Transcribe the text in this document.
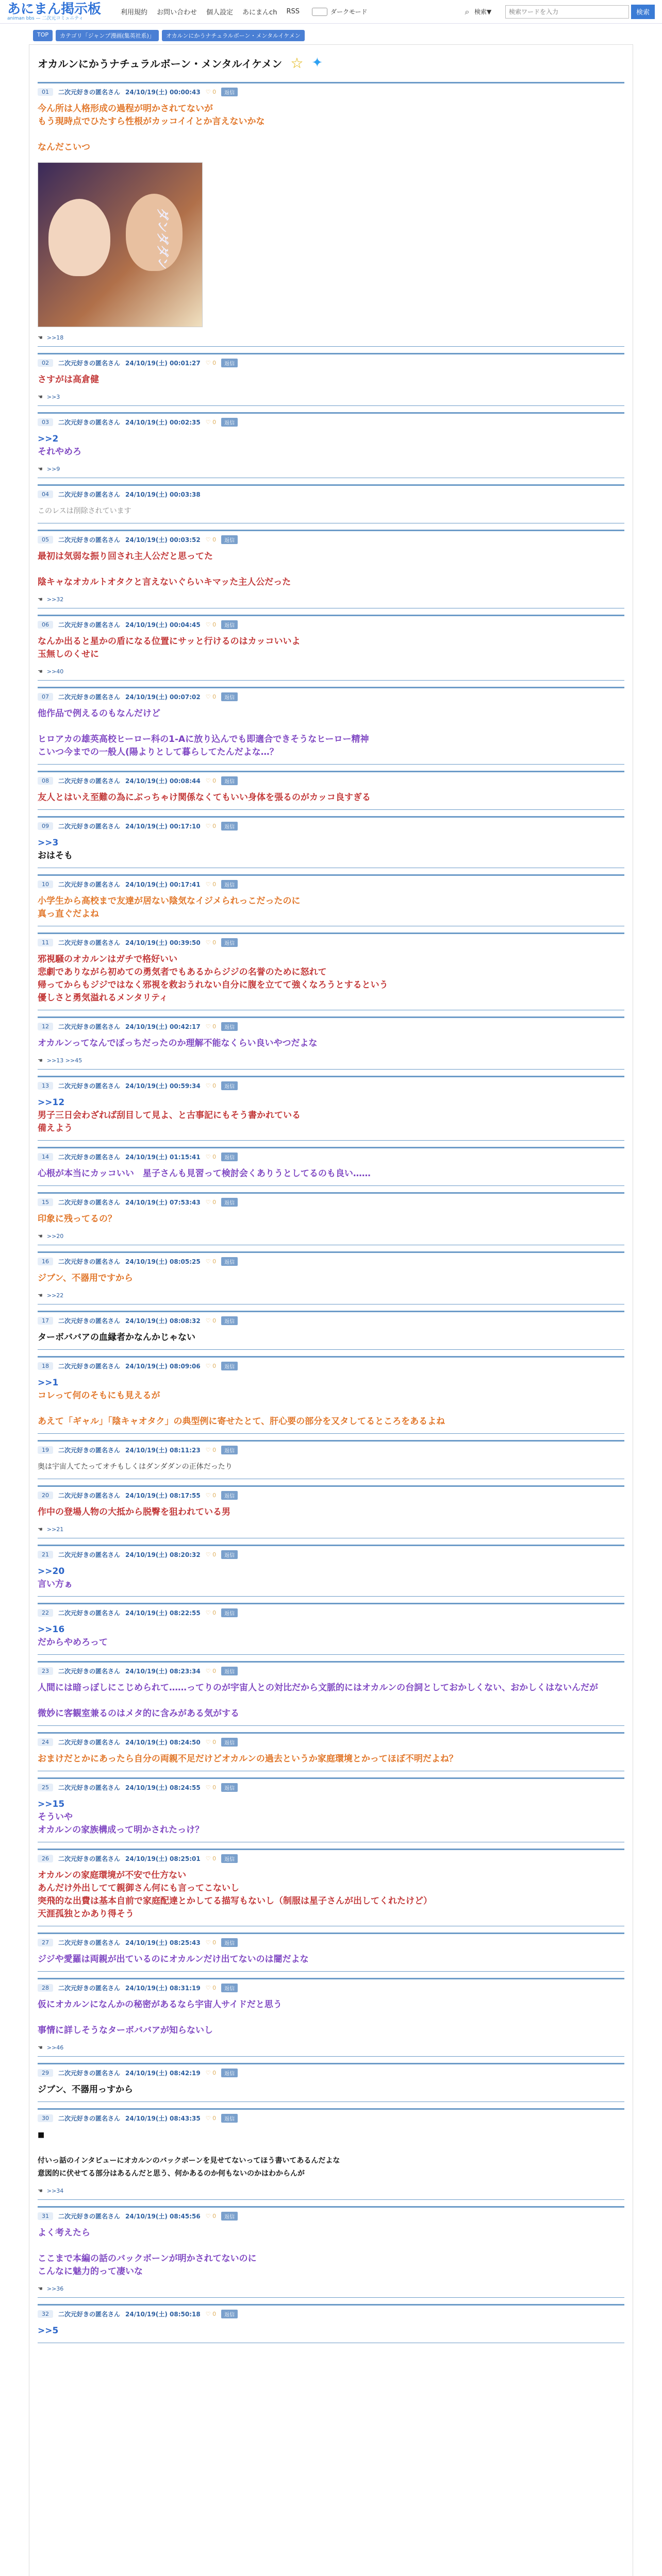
あにまん掲示板
animan bbs — 二次元コミュニティ
利用規約 お問い合わせ 個人設定 あにまんch RSS	ダークモード	⌕ 検索▼
検索ワードを入力	検索
TOP	カテゴリ「ジャンプ漫画(集英社系)」	オカルンにかうナチュラルボーン・メンタルイケメン
オカルンにかうナチュラルボーン・メンタルイケメン ☆ ✦
01	二次元好きの匿名さん 24/10/19(土) 00:00:43 ♡ 0	返信
今ん所は人格形成の過程が明かされてないが
もう現時点でひたすら性根がカッコイイとか言えないかな

なんだこいつ
ダンダダン
☚ >>18
02	二次元好きの匿名さん 24/10/19(土) 00:01:27 ♡ 0	返信
さすがは高倉健
☚ >>3
03	二次元好きの匿名さん 24/10/19(土) 00:02:35 ♡ 0	返信
>>2
それやめろ
☚ >>9
04	二次元好きの匿名さん 24/10/19(土) 00:03:38
このレスは削除されています
05	二次元好きの匿名さん 24/10/19(土) 00:03:52 ♡ 0	返信
最初は気弱な振り回され主人公だと思ってた

陰キャなオカルトオタクと言えないぐらいキマッた主人公だった
☚ >>32
06	二次元好きの匿名さん 24/10/19(土) 00:04:45 ♡ 0	返信
なんか出ると星かの盾になる位置にサッと行けるのはカッコいいよ
玉無しのくせに
☚ >>40
07	二次元好きの匿名さん 24/10/19(土) 00:07:02 ♡ 0	返信
他作品で例えるのもなんだけど

ヒロアカの雄英高校ヒーロー科の1-Aに放り込んでも即適合できそうなヒーロー精神
こいつ今までの一般人(陽よりとして暮らしてたんだよな…？
08	二次元好きの匿名さん 24/10/19(土) 00:08:44 ♡ 0	返信
友人とはいえ至難の為にぶっちゃけ関係なくてもいい身体を張るのがカッコ良すぎる
09	二次元好きの匿名さん 24/10/19(土) 00:17:10 ♡ 0	返信
>>3
おはそも
10	二次元好きの匿名さん 24/10/19(土) 00:17:41 ♡ 0	返信
小学生から高校まで友達が居ない陰気なイジメられっこだったのに
真っ直ぐだよね
11	二次元好きの匿名さん 24/10/19(土) 00:39:50 ♡ 0	返信
邪視騒のオカルンはガチで格好いい
悲劇でありながら初めての勇気者でもあるからジジの名誉のために怒れて
帰ってからもジジではなく邪視を救おうれない自分に腹を立てて強くなろうとするという
優しさと勇気溢れるメンタリティ
12	二次元好きの匿名さん 24/10/19(土) 00:42:17 ♡ 0	返信
オカルンってなんでぼっちだったのか理解不能なくらい良いやつだよな
☚ >>13 >>45
13	二次元好きの匿名さん 24/10/19(土) 00:59:34 ♡ 0	返信
>>12
男子三日会わざれば刮目して見よ、と古事記にもそう書かれている
備えよう
14	二次元好きの匿名さん 24/10/19(土) 01:15:41 ♡ 0	返信
心根が本当にカッコいい　星子さんも見習って検討会くありうとしてるのも良い……
15	二次元好きの匿名さん 24/10/19(土) 07:53:43 ♡ 0	返信
印象に残ってるの？
☚ >>20
16	二次元好きの匿名さん 24/10/19(土) 08:05:25 ♡ 0	返信
ジブン、不器用ですから
☚ >>22
17	二次元好きの匿名さん 24/10/19(土) 08:08:32 ♡ 0	返信
ターボババアの血縁者かなんかじゃない
18	二次元好きの匿名さん 24/10/19(土) 08:09:06 ♡ 0	返信
>>1
コレって何のそもにも見えるが

あえて「ギャル」「陰キャオタク」の典型例に寄せたとて、肝心要の部分を又タしてるところをあるよね
19	二次元好きの匿名さん 24/10/19(土) 08:11:23 ♡ 0	返信
奥は宇宙人てたってオチもしくはダンダダンの正体だったり
20	二次元好きの匿名さん 24/10/19(土) 08:17:55 ♡ 0	返信
作中の登場人物の大抵から脱臀を狙われている男
☚ >>21
21	二次元好きの匿名さん 24/10/19(土) 08:20:32 ♡ 0	返信
>>20
言い方ぁ
22	二次元好きの匿名さん 24/10/19(土) 08:22:55 ♡ 0	返信
>>16
だからやめろって
23	二次元好きの匿名さん 24/10/19(土) 08:23:34 ♡ 0	返信
人間には暗っぽしにこじめられて……ってりのが宇宙人との対比だから文脈的にはオカルンの台詞としておかしくない、おかしくはないんだが

微妙に客観室兼るのはメタ的に含みがある気がする
24	二次元好きの匿名さん 24/10/19(土) 08:24:50 ♡ 0	返信
おまけだとかにあったら自分の両親不足だけどオカルンの過去というか家庭環境とかってほぼ不明だよね？
25	二次元好きの匿名さん 24/10/19(土) 08:24:55 ♡ 0	返信
>>15
そういや
オカルンの家族構成って明かされたっけ？
26	二次元好きの匿名さん 24/10/19(土) 08:25:01 ♡ 0	返信
オカルンの家庭環境が不安で仕方ない
あんだけ外出してて親御さん何にも言ってこないし
突飛的な出費は基本自前で家庭配達とかしてる描写もないし（制服は星子さんが出してくれたけど）
天涯孤独とかあり得そう
27	二次元好きの匿名さん 24/10/19(土) 08:25:43 ♡ 0	返信
ジジや愛羅は両親が出ているのにオカルンだけ出てないのは闇だよな
28	二次元好きの匿名さん 24/10/19(土) 08:31:19 ♡ 0	返信
仮にオカルンになんかの秘密があるなら宇宙人サイドだと思う

事情に詳しそうなターボババアが知らないし
☚ >>46
29	二次元好きの匿名さん 24/10/19(土) 08:42:19 ♡ 0	返信
ジブン、不器用っすから
30	二次元好きの匿名さん 24/10/19(土) 08:43:35 ♡ 0	返信
■

付いっ話のインタビューにオカルンのバックボーンを見せてないってほう書いてあるんだよな
意図的に伏せてる部分はあるんだと思う、何かあるのか何もないのかはわからんが
☚ >>34
31	二次元好きの匿名さん 24/10/19(土) 08:45:56 ♡ 0	返信
よく考えたら

ここまで本編の話のバックボーンが明かされてないのに
こんなに魅力的って凄いな
☚ >>36
32	二次元好きの匿名さん 24/10/19(土) 08:50:18 ♡ 0	返信
>>5
